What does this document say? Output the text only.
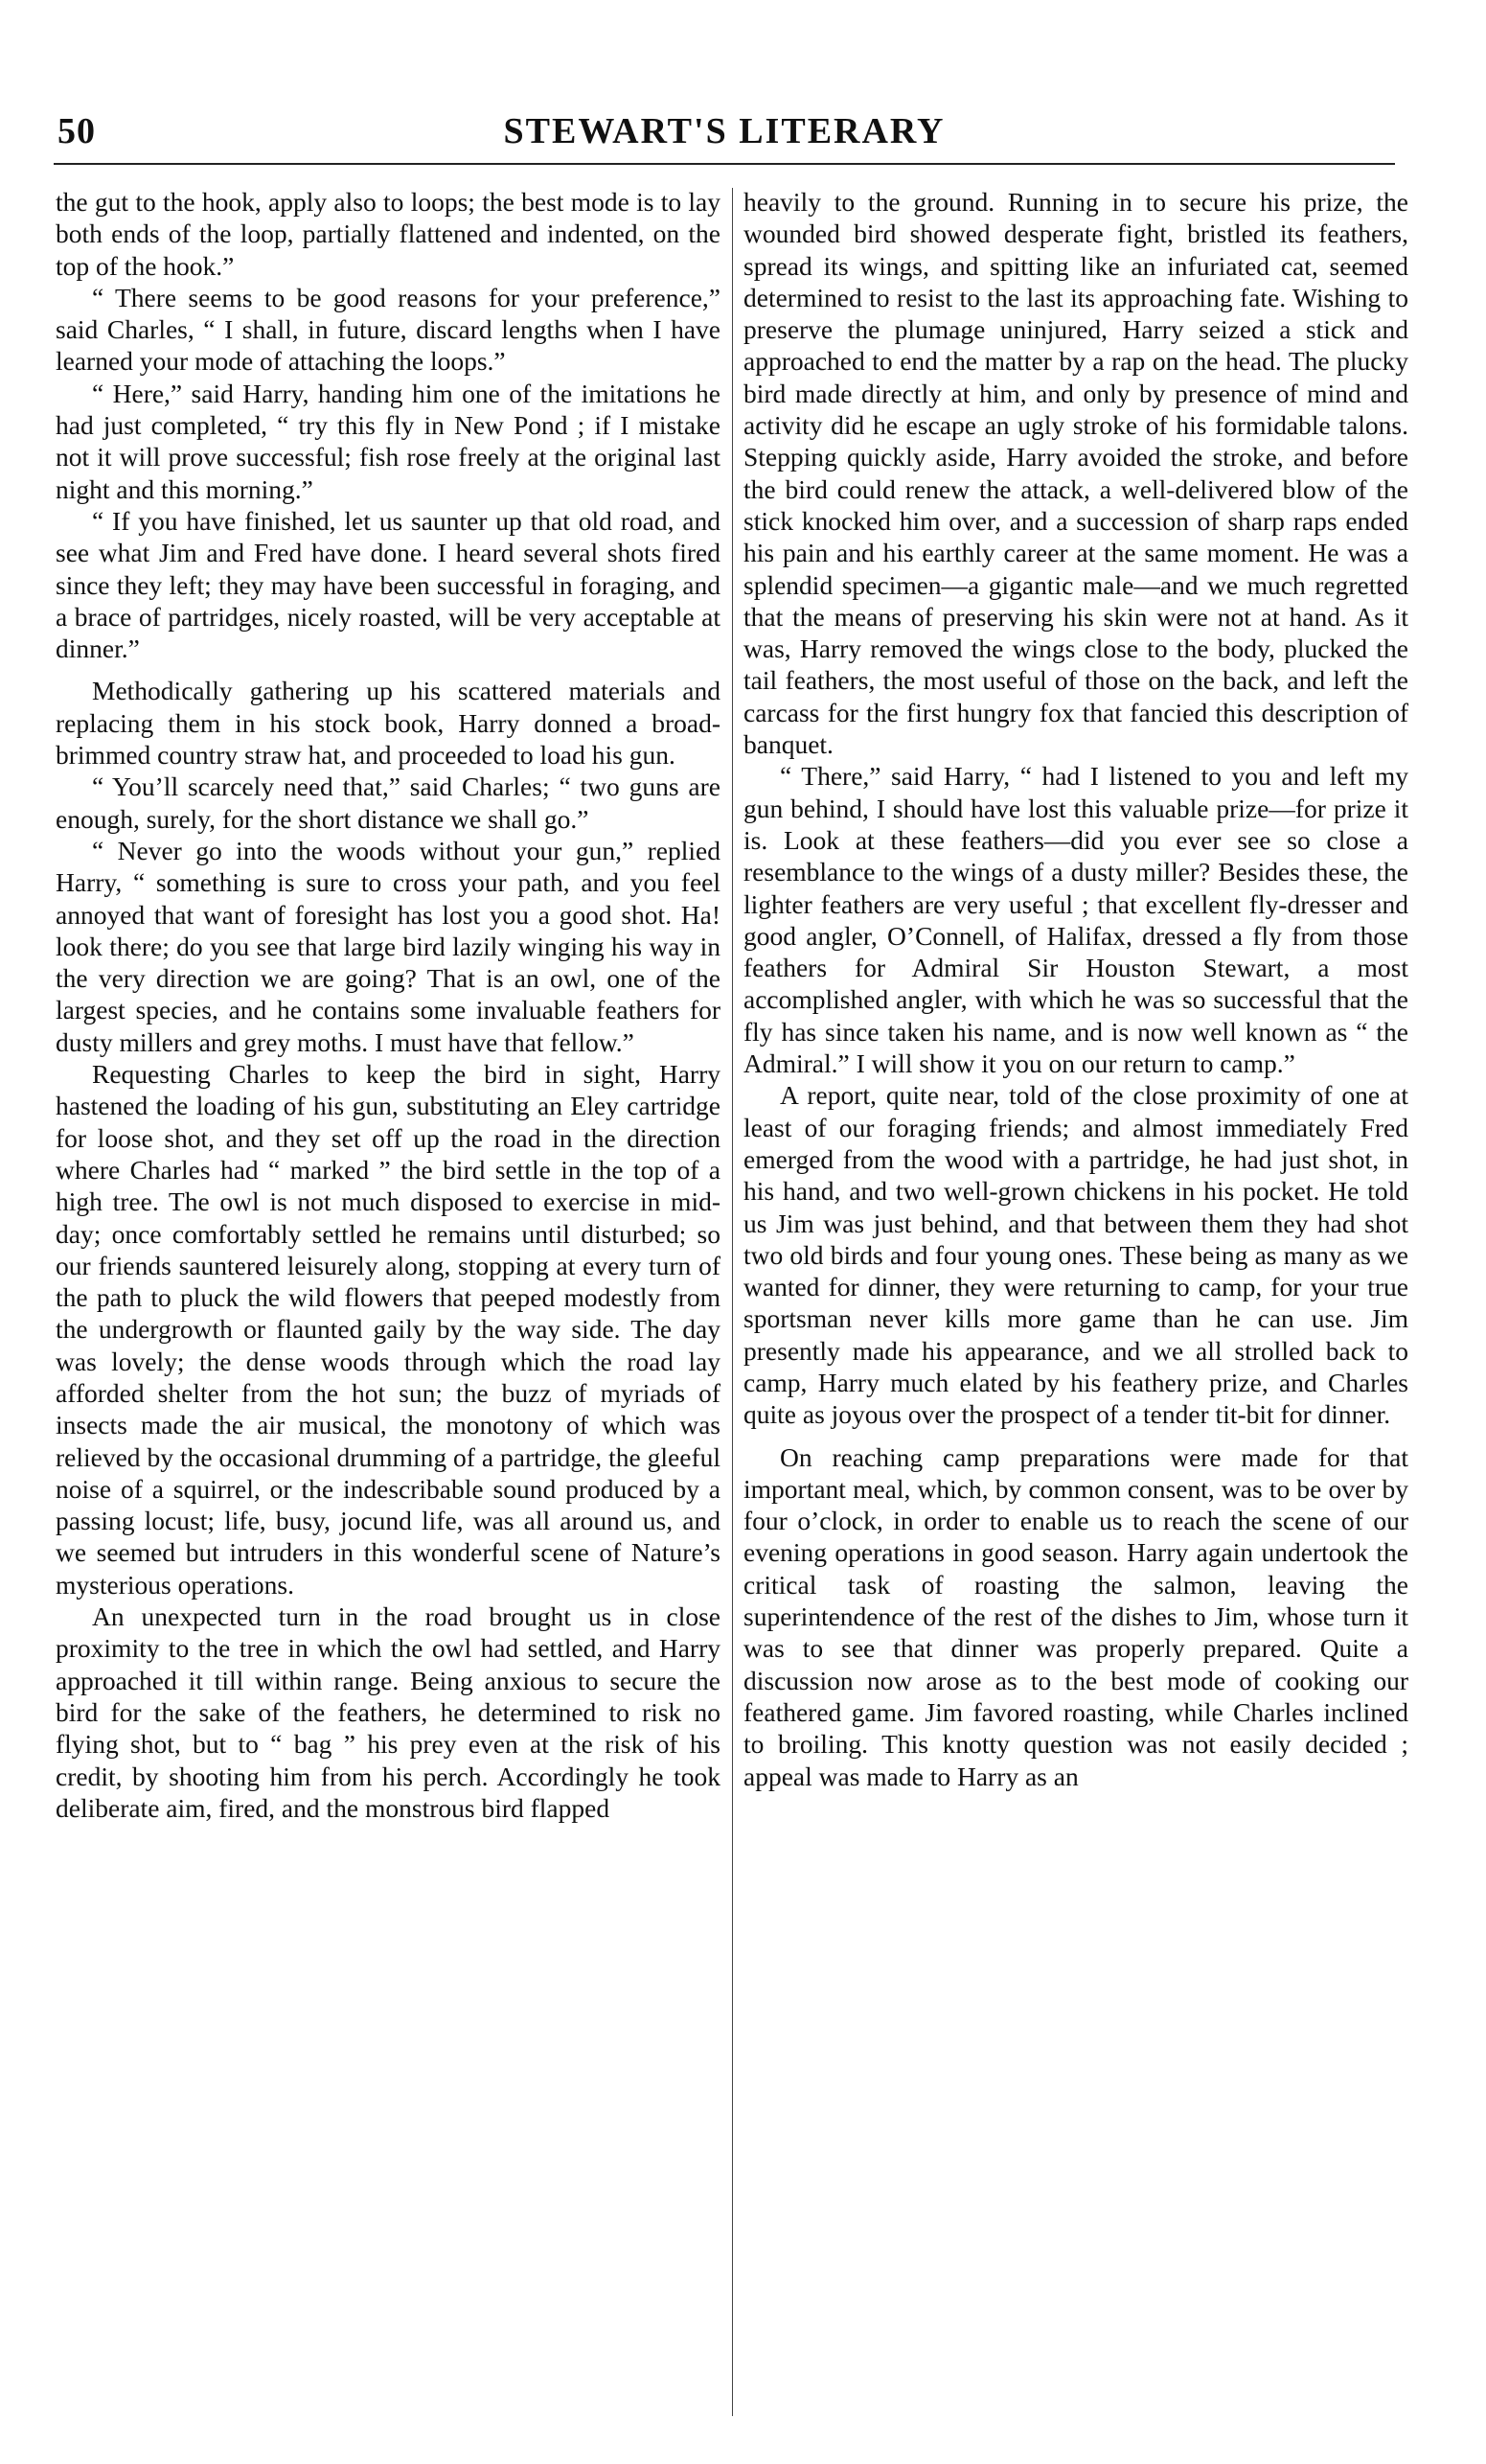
50	STEWART'S LITERARY

the gut to the hook, apply also to loops; the best mode is to lay both ends of the loop, partially flattened and indented, on the top of the hook.”

“ There seems to be good reasons for your preference,” said Charles, “ I shall, in future, discard lengths when I have learned your mode of attaching the loops.”

“ Here,” said Harry, handing him one of the imitations he had just completed, “ try this fly in New Pond ; if I mistake not it will prove successful; fish rose freely at the original last night and this morning.”

“ If you have finished, let us saunter up that old road, and see what Jim and Fred have done. I heard several shots fired since they left; they may have been successful in foraging, and a brace of partridges, nicely roasted, will be very acceptable at dinner.”

Methodically gathering up his scattered materials and replacing them in his stock book, Harry donned a broad-brimmed country straw hat, and proceeded to load his gun.

“ You’ll scarcely need that,” said Charles; “ two guns are enough, surely, for the short distance we shall go.”

“ Never go into the woods without your gun,” replied Harry, “ something is sure to cross your path, and you feel annoyed that want of foresight has lost you a good shot. Ha! look there; do you see that large bird lazily winging his way in the very direction we are going? That is an owl, one of the largest species, and he contains some invaluable feathers for dusty millers and grey moths. I must have that fellow.”

Requesting Charles to keep the bird in sight, Harry hastened the loading of his gun, substituting an Eley cartridge for loose shot, and they set off up the road in the direction where Charles had “ marked ” the bird settle in the top of a high tree. The owl is not much disposed to exercise in mid-day; once comfortably settled he remains until disturbed; so our friends sauntered leisurely along, stopping at every turn of the path to pluck the wild flowers that peeped modestly from the undergrowth or flaunted gaily by the way side. The day was lovely; the dense woods through which the road lay afforded shelter from the hot sun; the buzz of myriads of insects made the air musical, the monotony of which was relieved by the occasional drumming of a partridge, the gleeful noise of a squirrel, or the indescribable sound produced by a passing locust; life, busy, jocund life, was all around us, and we seemed but intruders in this wonderful scene of Nature’s mysterious operations.

An unexpected turn in the road brought us in close proximity to the tree in which the owl had settled, and Harry approached it till within range. Being anxious to secure the bird for the sake of the feathers, he determined to risk no flying shot, but to “ bag ” his prey even at the risk of his credit, by shooting him from his perch. Accordingly he took deliberate aim, fired, and the monstrous bird flapped

heavily to the ground. Running in to secure his prize, the wounded bird showed desperate fight, bristled its feathers, spread its wings, and spitting like an infuriated cat, seemed determined to resist to the last its approaching fate. Wishing to preserve the plumage uninjured, Harry seized a stick and approached to end the matter by a rap on the head. The plucky bird made directly at him, and only by presence of mind and activity did he escape an ugly stroke of his formidable talons. Stepping quickly aside, Harry avoided the stroke, and before the bird could renew the attack, a well-delivered blow of the stick knocked him over, and a succession of sharp raps ended his pain and his earthly career at the same moment. He was a splendid specimen—a gigantic male—and we much regretted that the means of preserving his skin were not at hand. As it was, Harry removed the wings close to the body, plucked the tail feathers, the most useful of those on the back, and left the carcass for the first hungry fox that fancied this description of banquet.

“ There,” said Harry, “ had I listened to you and left my gun behind, I should have lost this valuable prize—for prize it is. Look at these feathers—did you ever see so close a resemblance to the wings of a dusty miller? Besides these, the lighter feathers are very useful ; that excellent fly-dresser and good angler, O’Connell, of Halifax, dressed a fly from those feathers for Admiral Sir Houston Stewart, a most accomplished angler, with which he was so successful that the fly has since taken his name, and is now well known as “ the Admiral.” I will show it you on our return to camp.”

A report, quite near, told of the close proximity of one at least of our foraging friends; and almost immediately Fred emerged from the wood with a partridge, he had just shot, in his hand, and two well-grown chickens in his pocket. He told us Jim was just behind, and that between them they had shot two old birds and four young ones. These being as many as we wanted for dinner, they were returning to camp, for your true sportsman never kills more game than he can use. Jim presently made his appearance, and we all strolled back to camp, Harry much elated by his feathery prize, and Charles quite as joyous over the prospect of a tender tit-bit for dinner.

On reaching camp preparations were made for that important meal, which, by common consent, was to be over by four o’clock, in order to enable us to reach the scene of our evening operations in good season. Harry again undertook the critical task of roasting the salmon, leaving the superintendence of the rest of the dishes to Jim, whose turn it was to see that dinner was properly prepared. Quite a discussion now arose as to the best mode of cooking our feathered game. Jim favored roasting, while Charles inclined to broiling. This knotty question was not easily decided ; appeal was made to Harry as an
